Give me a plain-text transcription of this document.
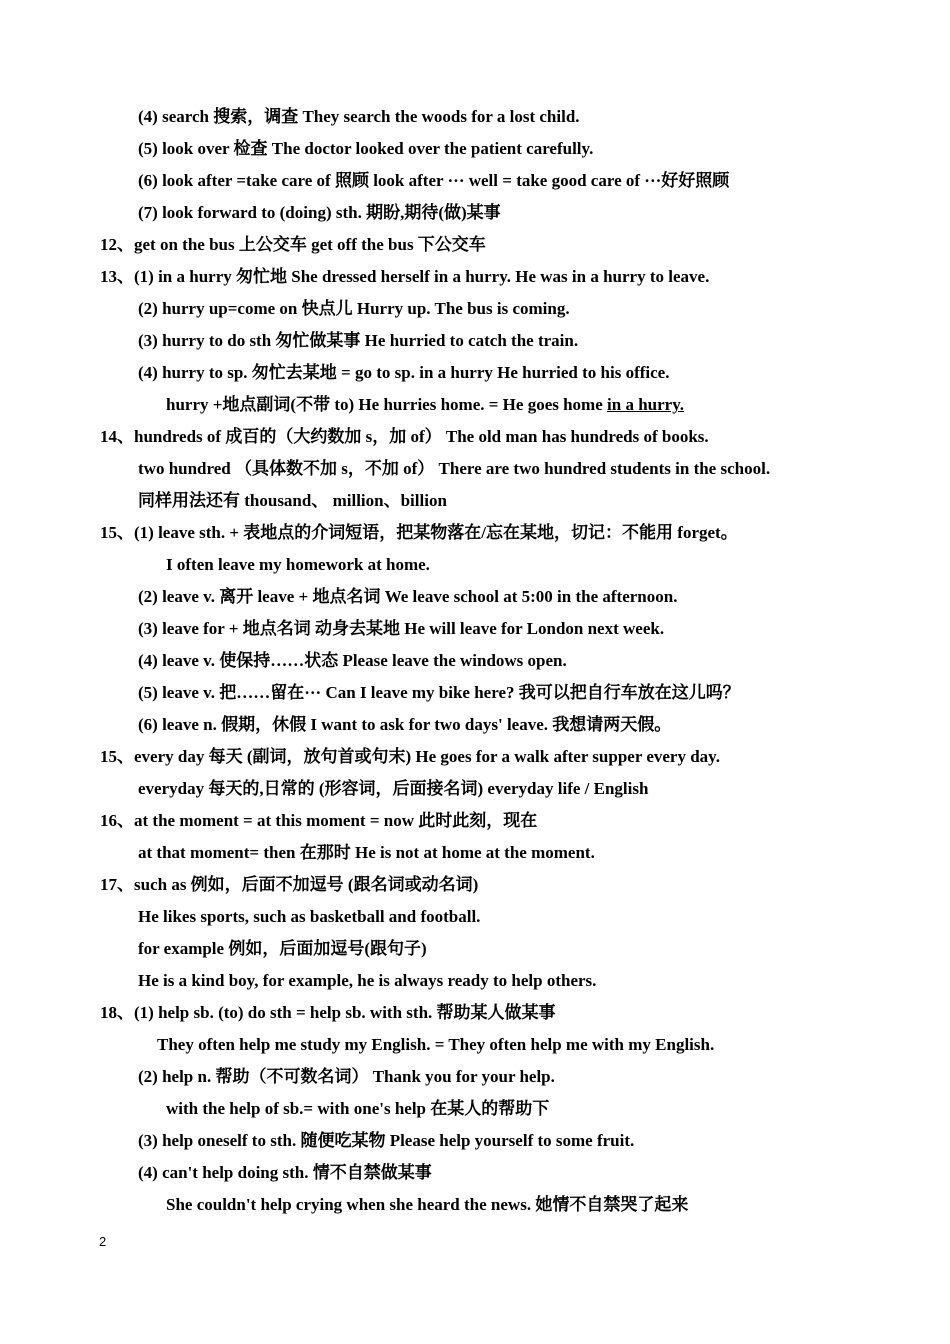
(4) search 搜索，调查 They search the woods for a lost child.
(5) look over 检查 The doctor looked over the patient carefully.
(6) look after =take care of 照顾 look after ··· well = take good care of ···好好照顾
(7) look forward to (doing) sth. 期盼,期待(做)某事
12、get on the bus 上公交车 get off the bus 下公交车
13、(1) in a hurry 匆忙地 She dressed herself in a hurry. He was in a hurry to leave.
(2) hurry up=come on 快点儿 Hurry up. The bus is coming.
(3) hurry to do sth 匆忙做某事 He hurried to catch the train.
(4) hurry to sp. 匆忙去某地 = go to sp. in a hurry He hurried to his office.
hurry +地点副词(不带 to) He hurries home. = He goes home in a hurry.
14、hundreds of 成百的（大约数加 s，加 of） The old man has hundreds of books.
two hundred （具体数不加 s，不加 of） There are two hundred students in the school.
同样用法还有 thousand、 million、billion
15、(1) leave sth. + 表地点的介词短语，把某物落在/忘在某地，切记：不能用 forget。
I often leave my homework at home.
(2) leave v. 离开 leave + 地点名词 We leave school at 5:00 in the afternoon.
(3) leave for + 地点名词 动身去某地 He will leave for London next week.
(4) leave v. 使保持……状态 Please leave the windows open.
(5) leave v. 把……留在··· Can I leave my bike here? 我可以把自行车放在这儿吗？
(6) leave n. 假期，休假 I want to ask for two days' leave. 我想请两天假。
15、every day 每天 (副词，放句首或句末) He goes for a walk after supper every day.
everyday 每天的,日常的 (形容词，后面接名词) everyday life / English
16、at the moment = at this moment = now 此时此刻，现在
at that moment= then 在那时 He is not at home at the moment.
17、such as 例如，后面不加逗号 (跟名词或动名词)
He likes sports, such as basketball and football.
for example 例如，后面加逗号(跟句子)
He is a kind boy, for example, he is always ready to help others.
18、(1) help sb. (to) do sth = help sb. with sth. 帮助某人做某事
They often help me study my English. = They often help me with my English.
(2) help n. 帮助（不可数名词） Thank you for your help.
with the help of sb.= with one's help 在某人的帮助下
(3) help oneself to sth. 随便吃某物 Please help yourself to some fruit.
(4) can't help doing sth. 情不自禁做某事
She couldn't help crying when she heard the news. 她情不自禁哭了起来
2
